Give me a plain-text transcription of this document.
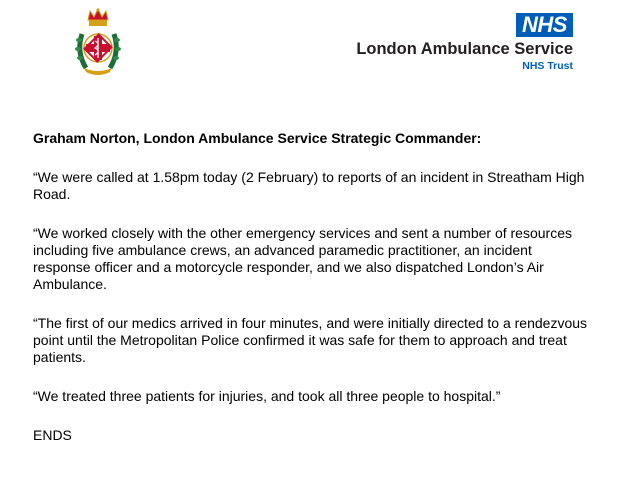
NHS
London Ambulance Service
NHS Trust

Graham Norton, London Ambulance Service Strategic Commander:

“We were called at 1.58pm today (2 February) to reports of an incident in Streatham High Road.

“We worked closely with the other emergency services and sent a number of resources including five ambulance crews, an advanced paramedic practitioner, an incident response officer and a motorcycle responder, and we also dispatched London’s Air Ambulance.

“The first of our medics arrived in four minutes, and were initially directed to a rendezvous point until the Metropolitan Police confirmed it was safe for them to approach and treat patients.

“We treated three patients for injuries, and took all three people to hospital.”

ENDS
